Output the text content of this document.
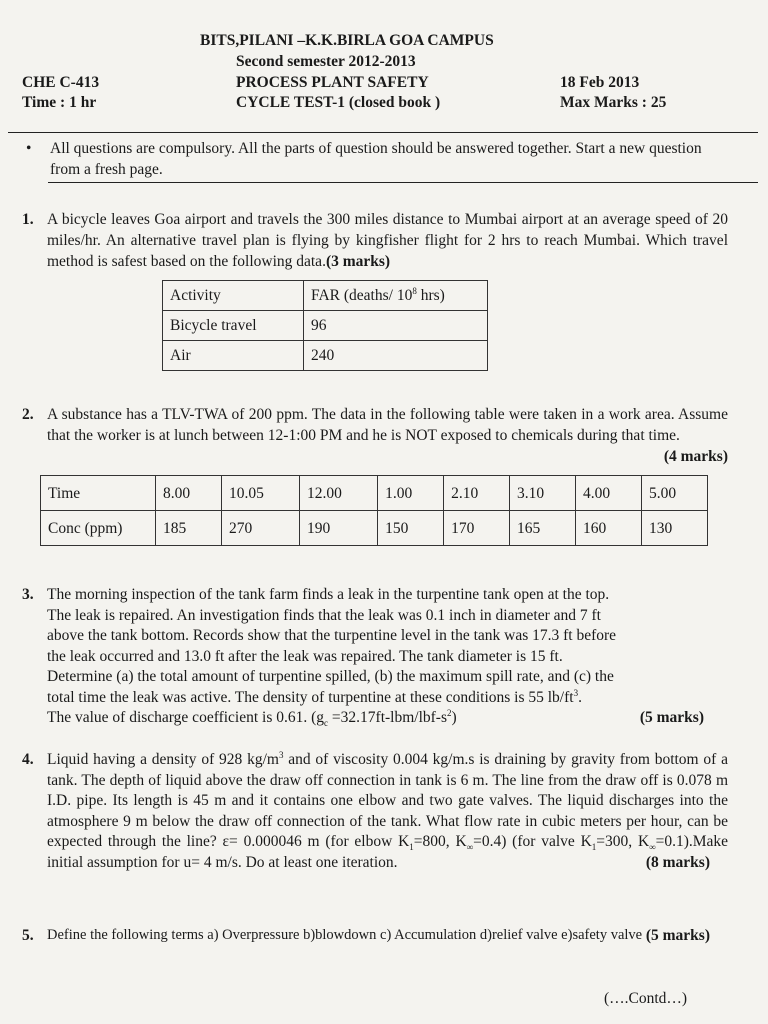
BITS,PILANI –K.K.BIRLA GOA CAMPUS
Second semester 2012-2013
CHE C-413	PROCESS PLANT SAFETY	18 Feb 2013
Time : 1 hr	CYCLE TEST-1 (closed book )	Max Marks : 25
• All questions are compulsory. All the parts of question should be answered together. Start a new question from a fresh page.
1. A bicycle leaves Goa airport and travels the 300 miles distance to Mumbai airport at an average speed of 20 miles/hr. An alternative travel plan is flying by kingfisher flight for 2 hrs to reach Mumbai. Which travel method is safest based on the following data.(3 marks)
Activity	FAR (deaths/ $10^8$ hrs)
Bicycle travel	96
Air	240
2. A substance has a TLV-TWA of 200 ppm. The data in the following table were taken in a work area. Assume that the worker is at lunch between 12-1:00 PM and he is NOT exposed to chemicals during that time.
(4 marks)
Time	8.00	10.05	12.00	1.00	2.10	3.10	4.00	5.00
Conc (ppm)	185	270	190	150	170	165	160	130
3. The morning inspection of the tank farm finds a leak in the turpentine tank open at the top.
The leak is repaired. An investigation finds that the leak was 0.1 inch in diameter and 7 ft
above the tank bottom. Records show that the turpentine level in the tank was 17.3 ft before
the leak occurred and 13.0 ft after the leak was repaired. The tank diameter is 15 ft.
Determine (a) the total amount of turpentine spilled, (b) the maximum spill rate, and (c) the
total time the leak was active. The density of turpentine at these conditions is 55 $lb/ft^3$.
The value of discharge coefficient is 0.61. $(g_c =32.17ft-lbm/lbf-s^2)$	(5 marks)
4. Liquid having a density of 928 $kg/m^3$ and of viscosity 0.004 kg/m.s is draining by gravity from bottom of a tank. The depth of liquid above the draw off connection in tank is 6 m. The line from the draw off is 0.078 m I.D. pipe. Its length is 45 m and it contains one elbow and two gate valves. The liquid discharges into the atmosphere 9 m below the draw off connection of the tank. What flow rate in cubic meters per hour, can be expected through the line? ε= 0.000046 m (for elbow $K_1=800$, $K_\infty=0.4$) (for valve $K_1=300$, $K_\infty=0.1).Make$ initial assumption for u= 4 m/s. Do at least one iteration.	(8 marks)
5. Define the following terms a) Overpressure b)blowdown c) Accumulation d)relief valve e)safety valve (5 marks)
(….Contd…)
